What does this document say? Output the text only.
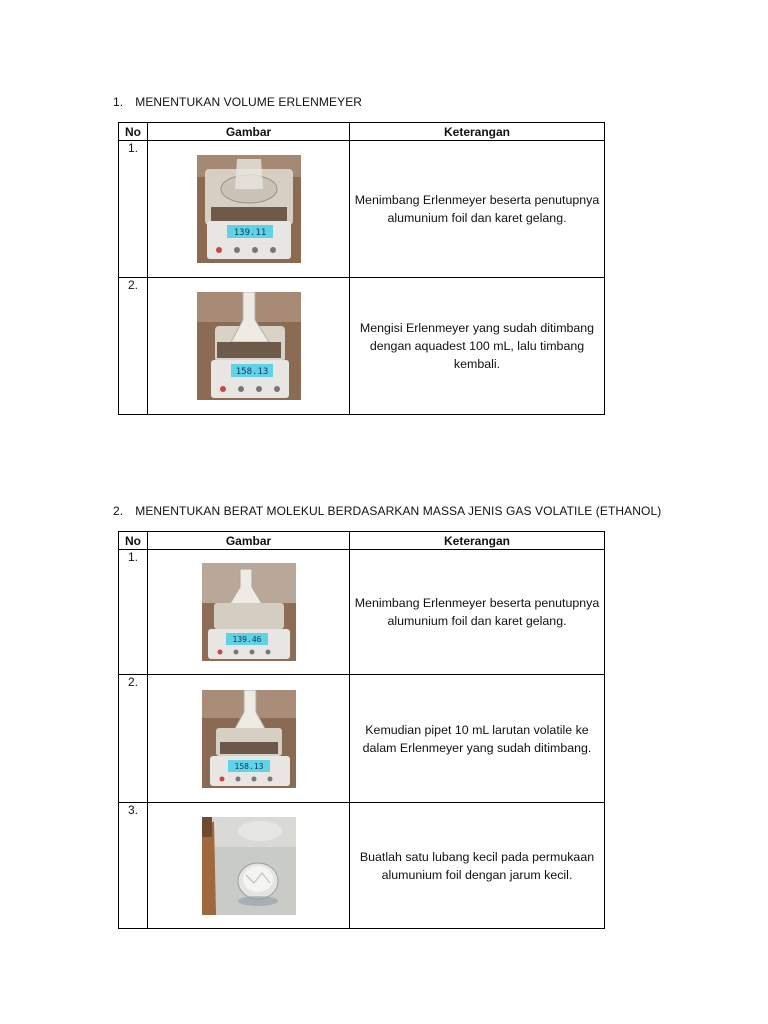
1. MENENTUKAN VOLUME ERLENMEYER
No	Gambar	Keterangan
1.	139.11	Menimbang Erlenmeyer beserta penutupnya alumunium foil dan karet gelang.
2.	158.13	Mengisi Erlenmeyer yang sudah ditimbang dengan aquadest 100 mL, lalu timbang kembali.
2. MENENTUKAN BERAT MOLEKUL BERDASARKAN MASSA JENIS GAS VOLATILE (ETHANOL)
No	Gambar	Keterangan
1.	139.46	Menimbang Erlenmeyer beserta penutupnya alumunium foil dan karet gelang.
2.	158.13	Kemudian pipet 10 mL larutan volatile ke dalam Erlenmeyer yang sudah ditimbang.
3.		Buatlah satu lubang kecil pada permukaan alumunium foil dengan jarum kecil.
